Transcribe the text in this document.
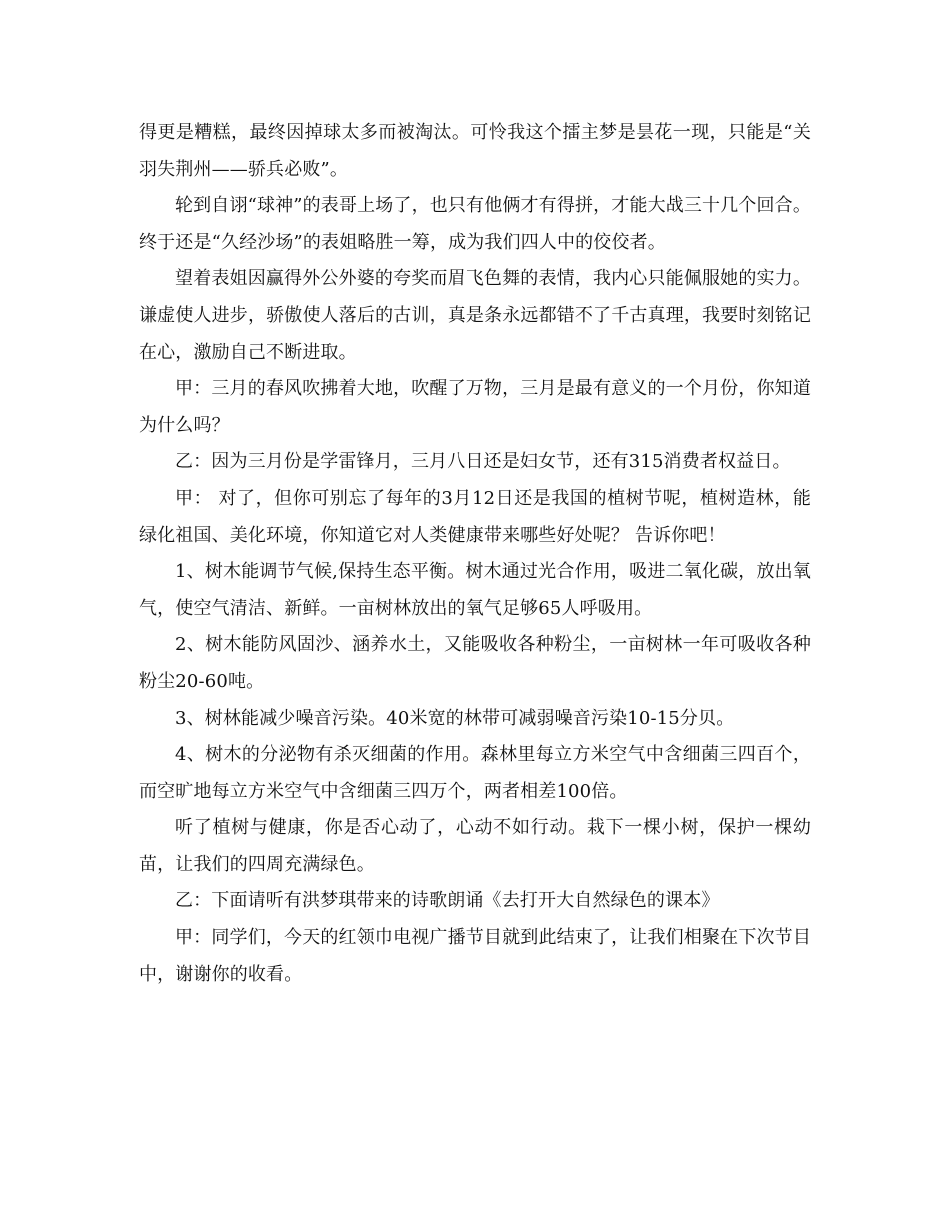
得更是糟糕，最终因掉球太多而被淘汰。可怜我这个擂主梦是昙花一现，只能是“关羽失荆州——骄兵必败”。

轮到自诩“球神”的表哥上场了，也只有他俩才有得拼，才能大战三十几个回合。终于还是“久经沙场”的表姐略胜一筹，成为我们四人中的佼佼者。

望着表姐因赢得外公外婆的夸奖而眉飞色舞的表情，我内心只能佩服她的实力。谦虚使人进步，骄傲使人落后的古训，真是条永远都错不了千古真理，我要时刻铭记在心，激励自己不断进取。

甲：三月的春风吹拂着大地，吹醒了万物，三月是最有意义的一个月份，你知道为什么吗？

乙：因为三月份是学雷锋月，三月八日还是妇女节，还有315消费者权益日。

甲： 对了，但你可别忘了每年的3月12日还是我国的植树节呢，植树造林，能绿化祖国、美化环境，你知道它对人类健康带来哪些好处呢？ 告诉你吧！

1、树木能调节气候,保持生态平衡。树木通过光合作用，吸进二氧化碳，放出氧气，使空气清洁、新鲜。一亩树林放出的氧气足够65人呼吸用。

2、树木能防风固沙、涵养水土，又能吸收各种粉尘，一亩树林一年可吸收各种粉尘20-60吨。

3、树林能减少噪音污染。40米宽的林带可减弱噪音污染10-15分贝。

4、树木的分泌物有杀灭细菌的作用。森林里每立方米空气中含细菌三四百个，而空旷地每立方米空气中含细菌三四万个，两者相差100倍。

听了植树与健康，你是否心动了，心动不如行动。栽下一棵小树，保护一棵幼苗，让我们的四周充满绿色。

乙：下面请听有洪梦琪带来的诗歌朗诵《去打开大自然绿色的课本》

甲：同学们，今天的红领巾电视广播节目就到此结束了，让我们相聚在下次节目中，谢谢你的收看。
